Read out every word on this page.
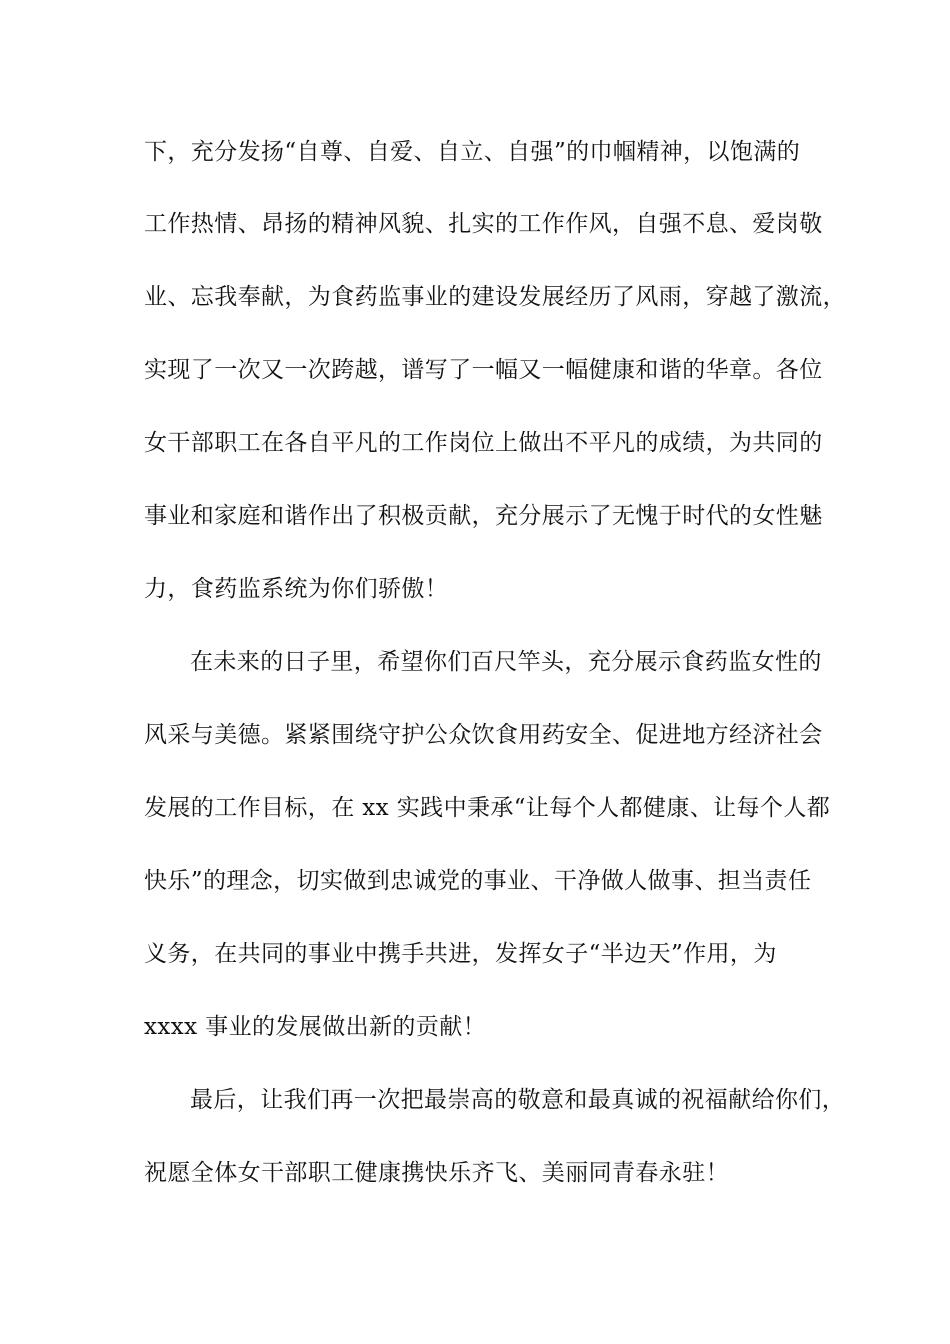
下，充分发扬“自尊、自爱、自立、自强”的巾帼精神，以饱满的
工作热情、昂扬的精神风貌、扎实的工作作风，自强不息、爱岗敬
业、忘我奉献，为食药监事业的建设发展经历了风雨，穿越了激流，
实现了一次又一次跨越，谱写了一幅又一幅健康和谐的华章。各位
女干部职工在各自平凡的工作岗位上做出不平凡的成绩，为共同的
事业和家庭和谐作出了积极贡献，充分展示了无愧于时代的女性魅
力，食药监系统为你们骄傲！
在未来的日子里，希望你们百尺竿头，充分展示食药监女性的
风采与美德。紧紧围绕守护公众饮食用药安全、促进地方经济社会
发展的工作目标，在 xx 实践中秉承“让每个人都健康、让每个人都
快乐”的理念，切实做到忠诚党的事业、干净做人做事、担当责任
义务，在共同的事业中携手共进，发挥女子“半边天”作用，为
xxxx 事业的发展做出新的贡献！
最后，让我们再一次把最崇高的敬意和最真诚的祝福献给你们，
祝愿全体女干部职工健康携快乐齐飞、美丽同青春永驻！
